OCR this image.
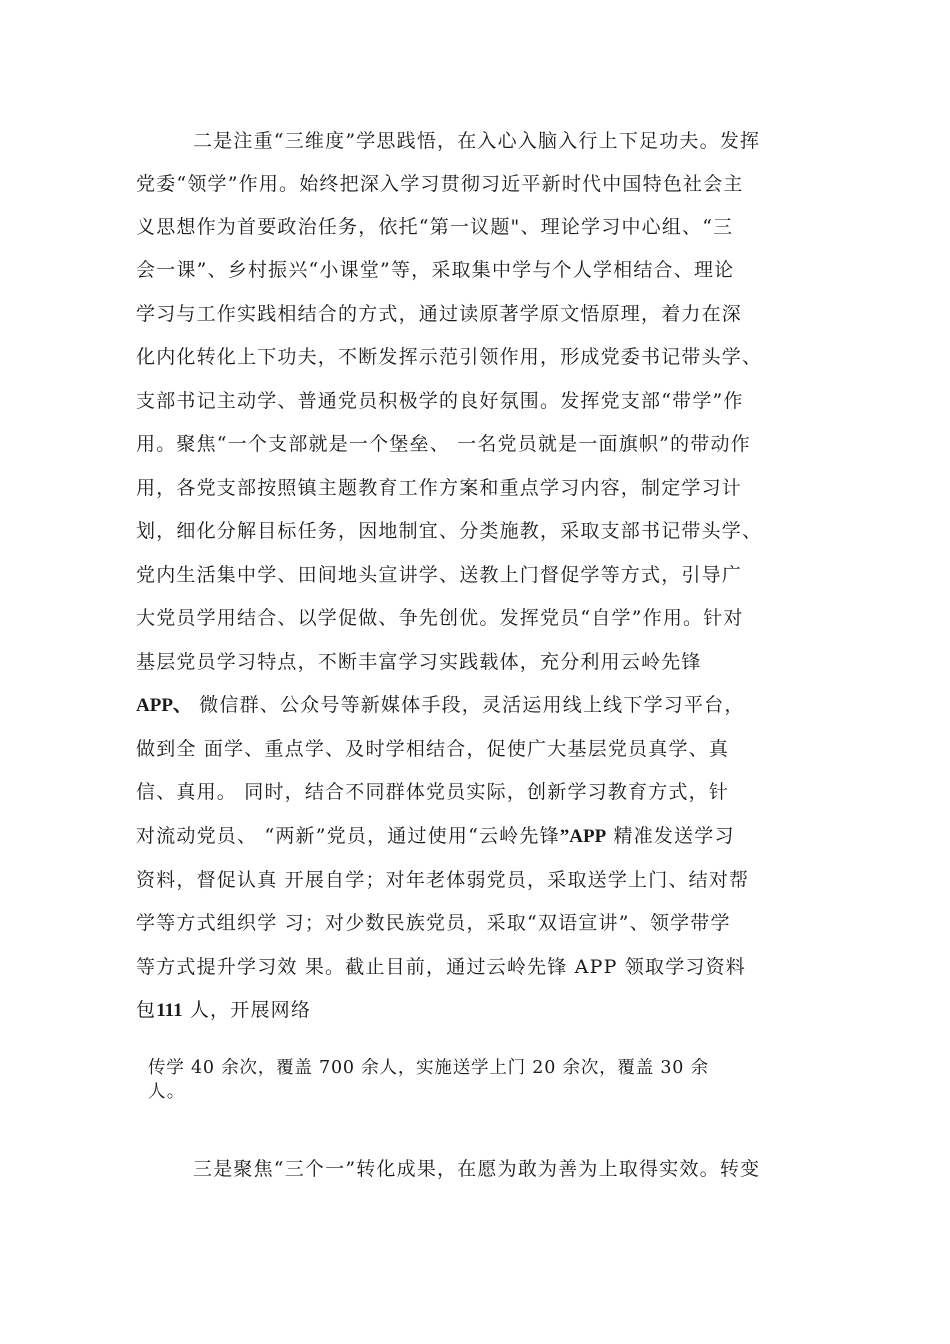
二是注重“三维度”学思践悟，在入心入脑入行上下足功夫。发挥
党委“领学”作用。始终把深入学习贯彻习近平新时代中国特色社会主
义思想作为首要政治任务，依托“第一议题"、理论学习中心组、“三
会一课”、乡村振兴“小课堂”等，采取集中学与个人学相结合、理论
学习与工作实践相结合的方式，通过读原著学原文悟原理，着力在深
化内化转化上下功夫，不断发挥示范引领作用，形成党委书记带头学、
支部书记主动学、普通党员积极学的良好氛围。发挥党支部“带学”作
用。聚焦“一个支部就是一个堡垒、 一名党员就是一面旗帜”的带动作
用，各党支部按照镇主题教育工作方案和重点学习内容，制定学习计
划，细化分解目标任务，因地制宜、分类施教，采取支部书记带头学、
党内生活集中学、田间地头宣讲学、送教上门督促学等方式，引导广
大党员学用结合、以学促做、争先创优。发挥党员“自学”作用。针对
基层党员学习特点，不断丰富学习实践载体，充分利用云岭先锋
APP、 微信群、公众号等新媒体手段，灵活运用线上线下学习平台，
做到全 面学、重点学、及时学相结合，促使广大基层党员真学、真
信、真用。 同时，结合不同群体党员实际，创新学习教育方式，针
对流动党员、 “两新”党员，通过使用“云岭先锋”APP 精准发送学习
资料，督促认真 开展自学；对年老体弱党员，采取送学上门、结对帮
学等方式组织学 习；对少数民族党员，采取“双语宣讲”、领学带学
等方式提升学习效 果。截止目前，通过云岭先锋 APP 领取学习资料
包111 人，开展网络
传学 40 余次，覆盖 700 余人，实施送学上门 20 余次，覆盖 30 余
人。
三是聚焦“三个一”转化成果，在愿为敢为善为上取得实效。转变
